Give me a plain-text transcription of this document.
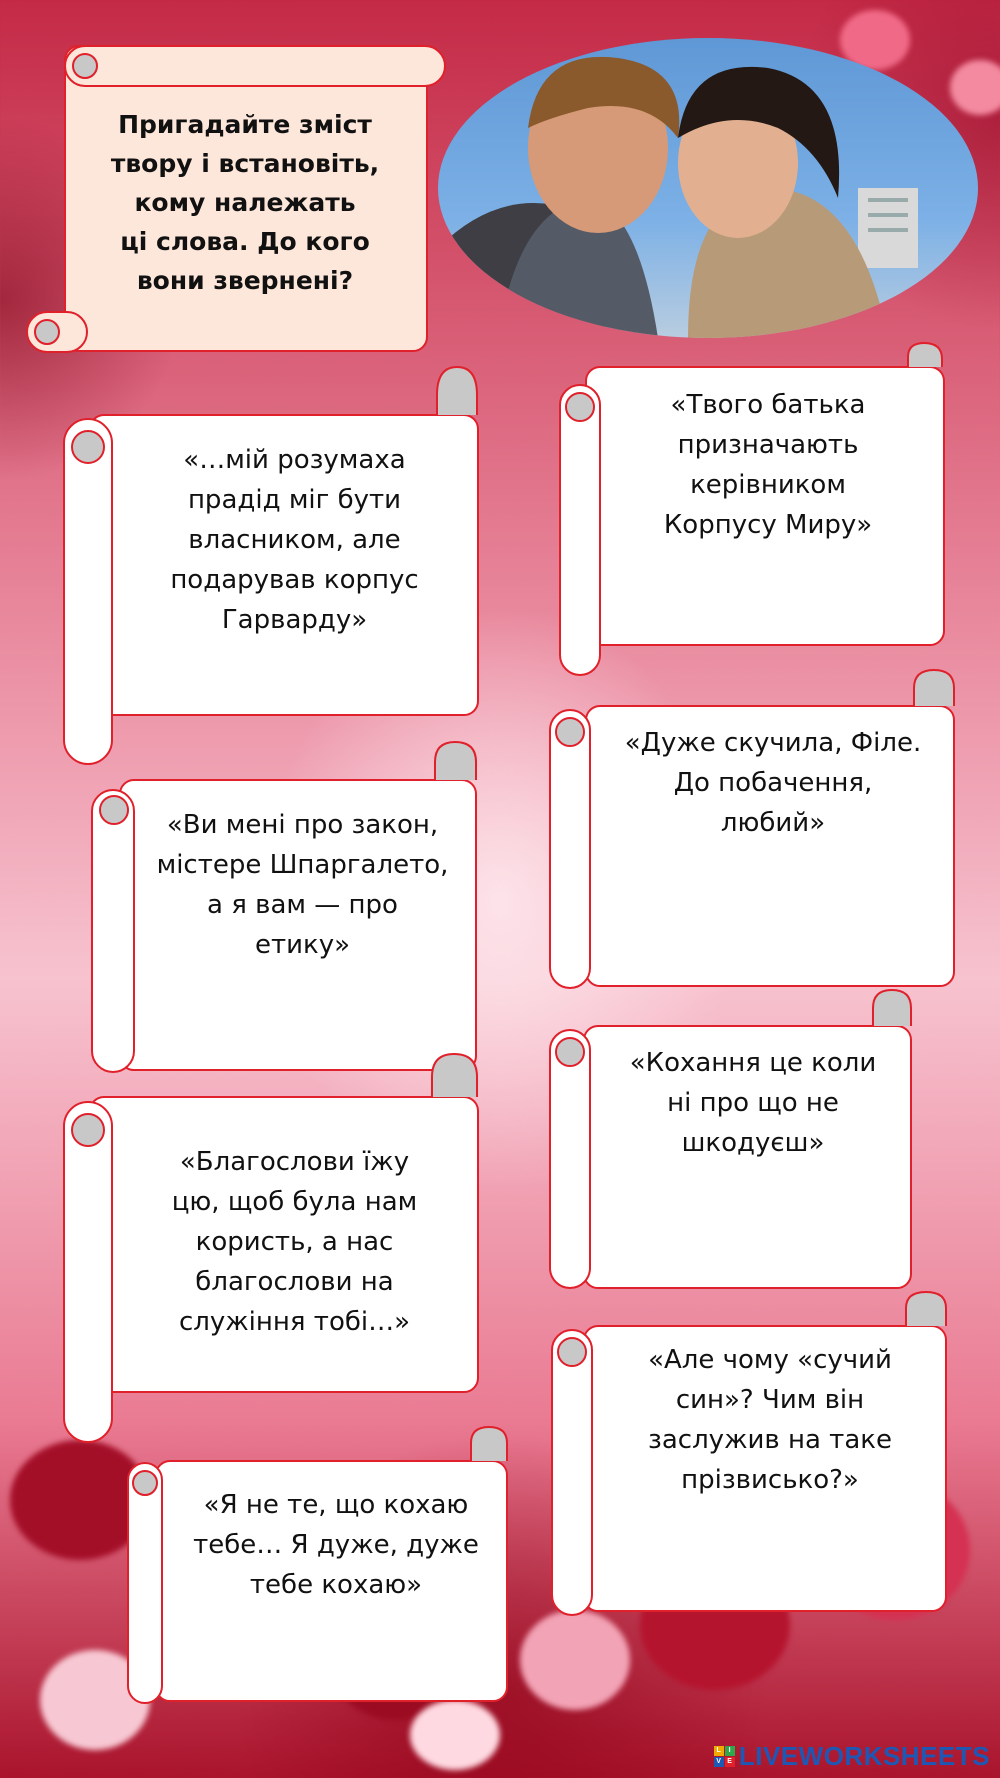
Пригадайте зміст
твору і встановіть,
кому належать
ці слова. До кого
вони звернені?
«…мій розумаха
прадід міг бути
власником, але
подарував корпус
Гарварду»
«Твого батька
призначають
керівником
Корпусу Миру»
«Ви мені про закон,
містере Шпаргалето,
а я вам — про
етику»
«Дуже скучила, Філе.
До побачення,
любий»
«Благослови їжу
цю, щоб була нам
користь, а нас
благослови на
служіння тобі…»
«Кохання це коли
ні про що не
шкодуєш»
«Я не те, що кохаю
тебе… Я дуже, дуже
тебе кохаю»
«Але чому «сучий
син»? Чим він
заслужив на таке
прізвисько?»
L	I
V E LIVEWORKSHEETS
